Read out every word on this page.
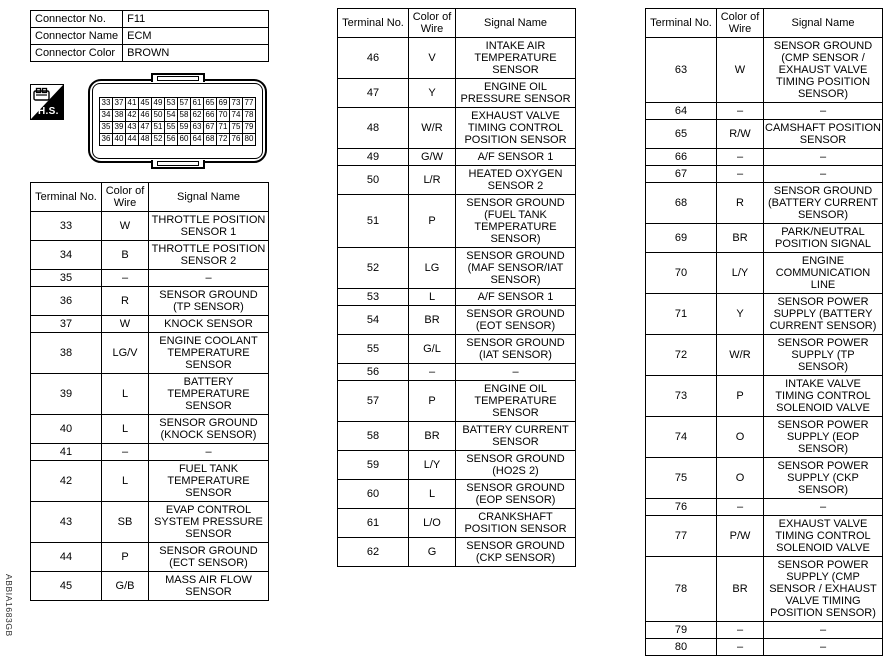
ABBIA1683GB
Connector No.	F11
Connector Name	ECM
Connector Color	BROWN
H.S.
33	37	41	45	49	53	57	61	65	69	73	77
34	38	42	46	50	54	58	62	66	70	74	78
35	39	43	47	51	55	59	63	67	71	75	79
36	40	44	48	52	56	60	64	68	72	76	80
Terminal No.	Color of Wire	Signal Name
33	W	THROTTLE POSITION SENSOR 1
34	B	THROTTLE POSITION SENSOR 2
35	–	–
36	R	SENSOR GROUND (TP SENSOR)
37	W	KNOCK SENSOR
38	LG/V	ENGINE COOLANT TEMPERATURE SENSOR
39	L	BATTERY TEMPERATURE SENSOR
40	L	SENSOR GROUND (KNOCK SENSOR)
41	–	–
42	L	FUEL TANK TEMPERATURE SENSOR
43	SB	EVAP CONTROL SYSTEM PRESSURE SENSOR
44	P	SENSOR GROUND (ECT SENSOR)
45	G/B	MASS AIR FLOW SENSOR
Terminal No.	Color of Wire	Signal Name
46	V	INTAKE AIR TEMPERATURE SENSOR
47	Y	ENGINE OIL PRESSURE SENSOR
48	W/R	EXHAUST VALVE TIMING CONTROL POSITION SENSOR
49	G/W	A/F SENSOR 1
50	L/R	HEATED OXYGEN SENSOR 2
51	P	SENSOR GROUND (FUEL TANK TEMPERATURE SENSOR)
52	LG	SENSOR GROUND (MAF SENSOR/IAT SENSOR)
53	L	A/F SENSOR 1
54	BR	SENSOR GROUND (EOT SENSOR)
55	G/L	SENSOR GROUND (IAT SENSOR)
56	–	–
57	P	ENGINE OIL TEMPERATURE SENSOR
58	BR	BATTERY CURRENT SENSOR
59	L/Y	SENSOR GROUND (HO2S 2)
60	L	SENSOR GROUND (EOP SENSOR)
61	L/O	CRANKSHAFT POSITION SENSOR
62	G	SENSOR GROUND (CKP SENSOR)
Terminal No.	Color of Wire	Signal Name
63	W	SENSOR GROUND (CMP SENSOR / EXHAUST VALVE TIMING POSITION SENSOR)
64	–	–
65	R/W	CAMSHAFT POSITION SENSOR
66	–	–
67	–	–
68	R	SENSOR GROUND (BATTERY CURRENT SENSOR)
69	BR	PARK/NEUTRAL POSITION SIGNAL
70	L/Y	ENGINE COMMUNICATION LINE
71	Y	SENSOR POWER SUPPLY (BATTERY CURRENT SENSOR)
72	W/R	SENSOR POWER SUPPLY (TP SENSOR)
73	P	INTAKE VALVE TIMING CONTROL SOLENOID VALVE
74	O	SENSOR POWER SUPPLY (EOP SENSOR)
75	O	SENSOR POWER SUPPLY (CKP SENSOR)
76	–	–
77	P/W	EXHAUST VALVE TIMING CONTROL SOLENOID VALVE
78	BR	SENSOR POWER SUPPLY (CMP SENSOR / EXHAUST VALVE TIMING POSITION SENSOR)
79	–	–
80	–	–
